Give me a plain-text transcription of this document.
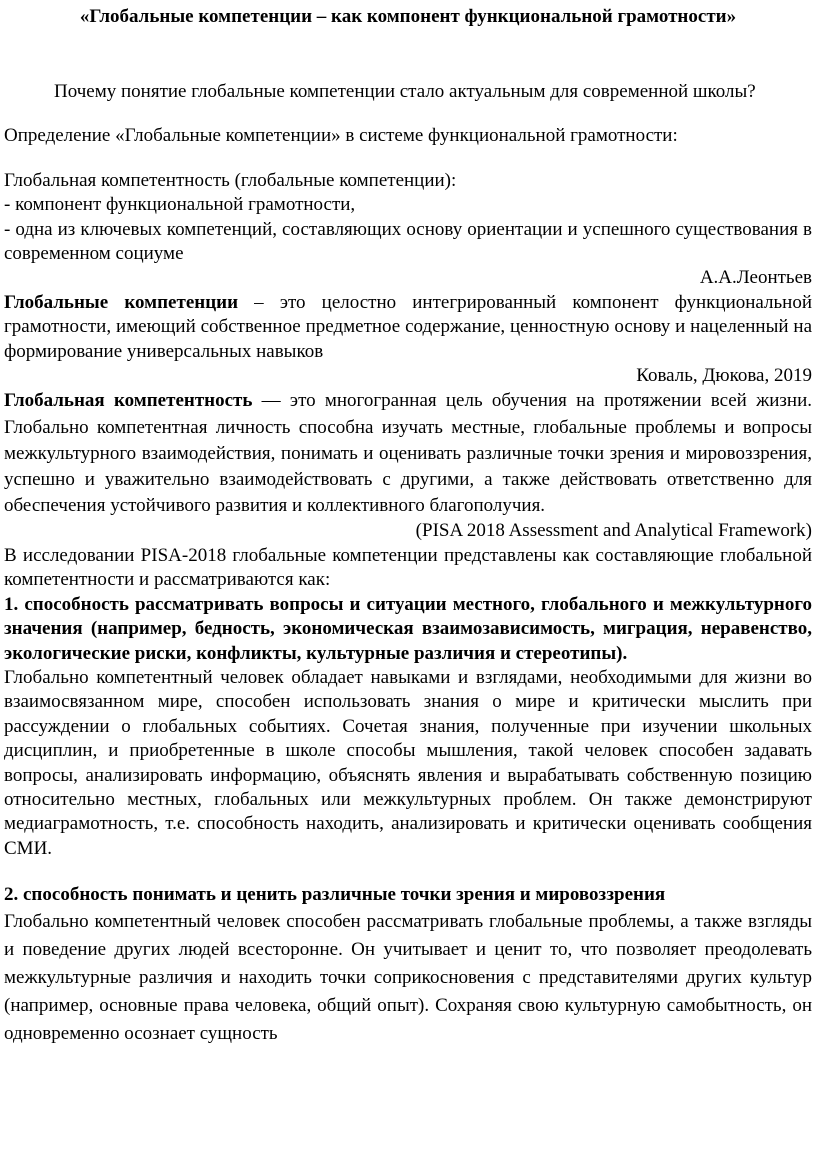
«Глобальные компетенции – как компонент функциональной грамотности»

Почему понятие глобальные компетенции стало актуальным для современной школы?

Определение «Глобальные компетенции» в системе функциональной грамотности:

Глобальная компетентность (глобальные компетенции):

- компонент функциональной грамотности,

- одна из ключевых компетенций, составляющих основу ориентации и успешного существования в современном социуме

А.А.Леонтьев

Глобальные компетенции – это целостно интегрированный компонент функциональной грамотности, имеющий собственное предметное содержание, ценностную основу и нацеленный на формирование универсальных навыков

Коваль, Дюкова, 2019

Глобальная компетентность — это многогранная цель обучения на протяжении всей жизни. Глобально компетентная личность способна изучать местные, глобальные проблемы и вопросы межкультурного взаимодействия, понимать и оценивать различные точки зрения и мировоззрения, успешно и уважительно взаимодействовать с другими, а также действовать ответственно для обеспечения устойчивого развития и коллективного благополучия.

(PISA 2018 Assessment and Analytical Framework)

В исследовании PISA-2018 глобальные компетенции представлены как составляющие глобальной компетентности и рассматриваются как:

1. способность рассматривать вопросы и ситуации местного, глобального и межкультурного значения (например, бедность, экономическая взаимозависимость, миграция, неравенство, экологические риски, конфликты, культурные различия и стереотипы).

Глобально компетентный человек обладает навыками и взглядами, необходимыми для жизни во взаимосвязанном мире, способен использовать знания о мире и критически мыслить при рассуждении о глобальных событиях. Сочетая знания, полученные при изучении школьных дисциплин, и приобретенные в школе способы мышления, такой человек способен задавать вопросы, анализировать информацию, объяснять явления и вырабатывать собственную позицию относительно местных, глобальных или межкультурных проблем. Он также демонстрируют медиаграмотность, т.е. способность находить, анализировать и критически оценивать сообщения СМИ.

2. способность понимать и ценить различные точки зрения и мировоззрения

Глобально компетентный человек способен рассматривать глобальные проблемы, а также взгляды и поведение других людей всесторонне. Он учитывает и ценит то, что позволяет преодолевать межкультурные различия и находить точки соприкосновения с представителями других культур (например, основные права человека, общий опыт). Сохраняя свою культурную самобытность, он одновременно осознает сущность
